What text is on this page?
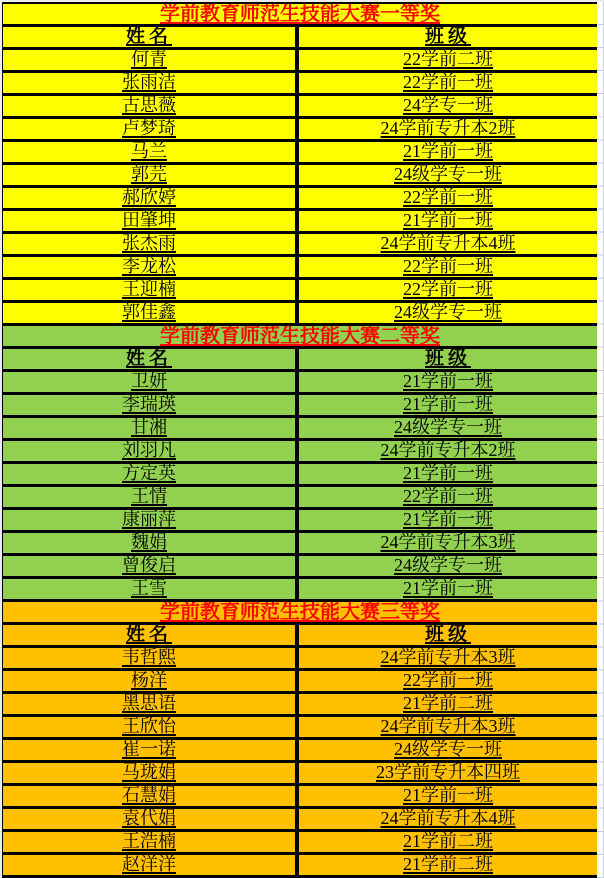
学前教育师范生技能大赛一等奖
姓名	班级
何青	22学前二班
张雨洁	22学前一班
古思薇	24学专一班
卢梦琦	24学前专升本2班
马兰	21学前一班
郭芫	24级学专一班
郝欣婷	22学前一班
田肇坤	21学前一班
张杰雨	24学前专升本4班
李龙松	22学前一班
王迎楠	22学前一班
郭佳鑫	24级学专一班
学前教育师范生技能大赛二等奖
姓名	班级
卫妍	21学前一班
李瑞瑛	21学前一班
甘湘	24级学专一班
刘羽凡	24学前专升本2班
方定英	21学前一班
王情	22学前一班
康丽萍	21学前一班
魏娟	24学前专升本3班
曾俊启	24级学专一班
王雪	21学前一班
学前教育师范生技能大赛三等奖
姓名	班级
韦哲熙	24学前专升本3班
杨洋	22学前一班
黑思语	21学前二班
王欣怡	24学前专升本3班
崔一诺	24级学专一班
马珑娟	23学前专升本四班
石慧娟	21学前一班
袁代娟	24学前专升本4班
王浩楠	21学前二班
赵洋洋	21学前二班
